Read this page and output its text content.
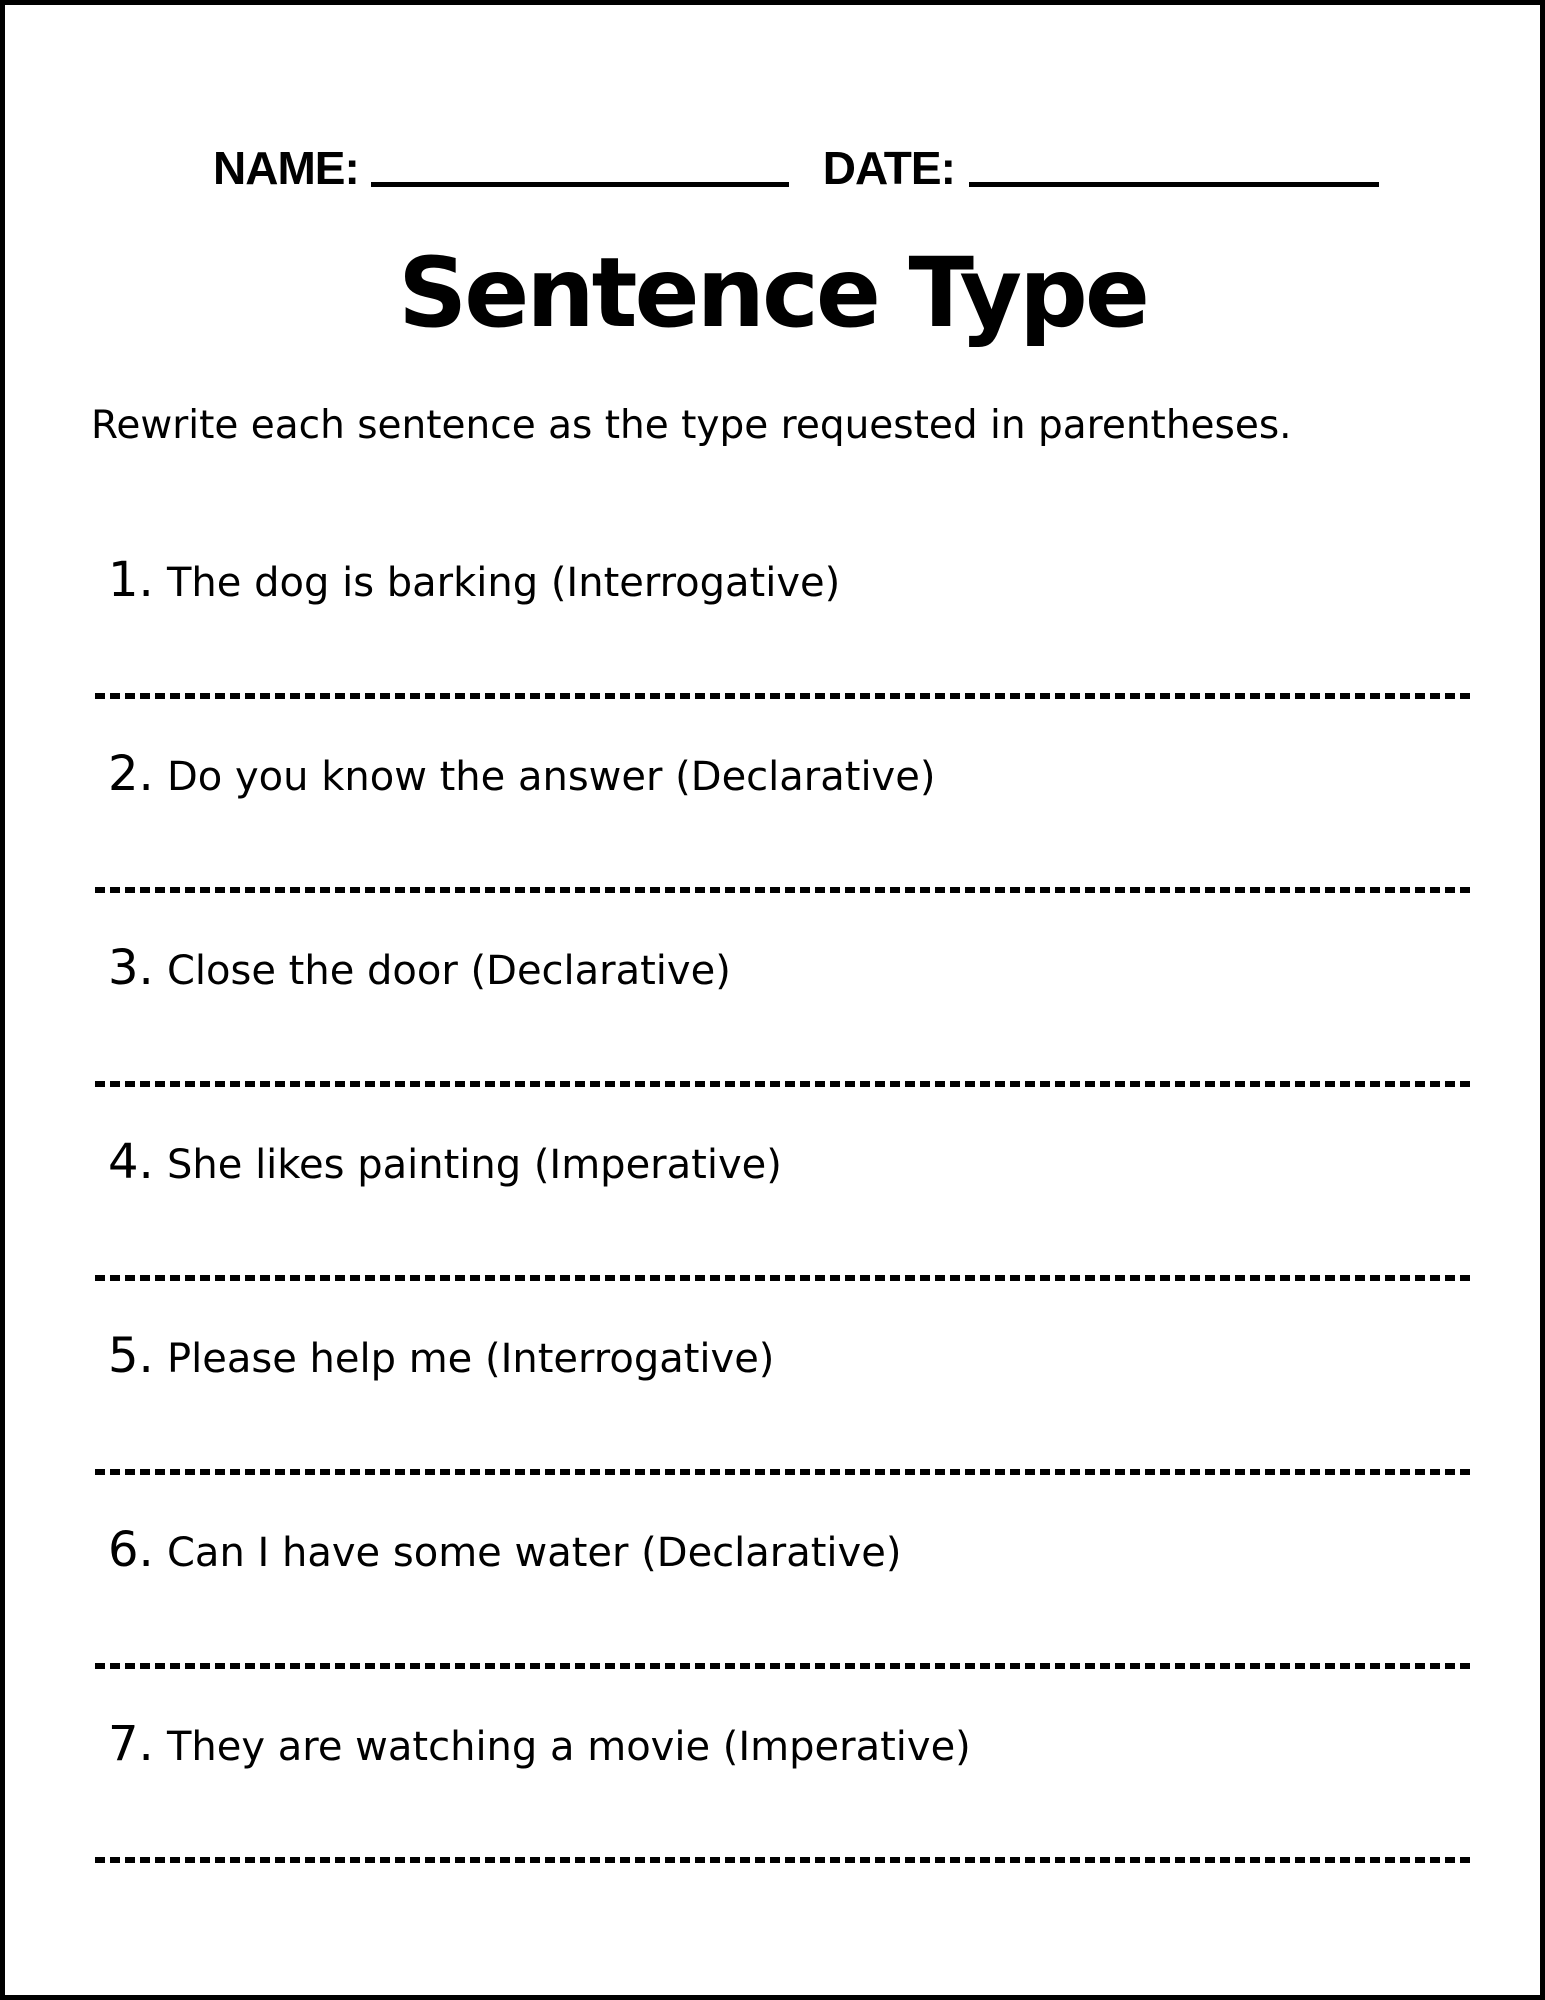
NAME:	DATE:
Sentence Type
Rewrite each sentence as the type requested in parentheses.
1. The dog is barking (Interrogative)
2. Do you know the answer (Declarative)
3. Close the door (Declarative)
4. She likes painting (Imperative)
5. Please help me (Interrogative)
6. Can I have some water (Declarative)
7. They are watching a movie (Imperative)
